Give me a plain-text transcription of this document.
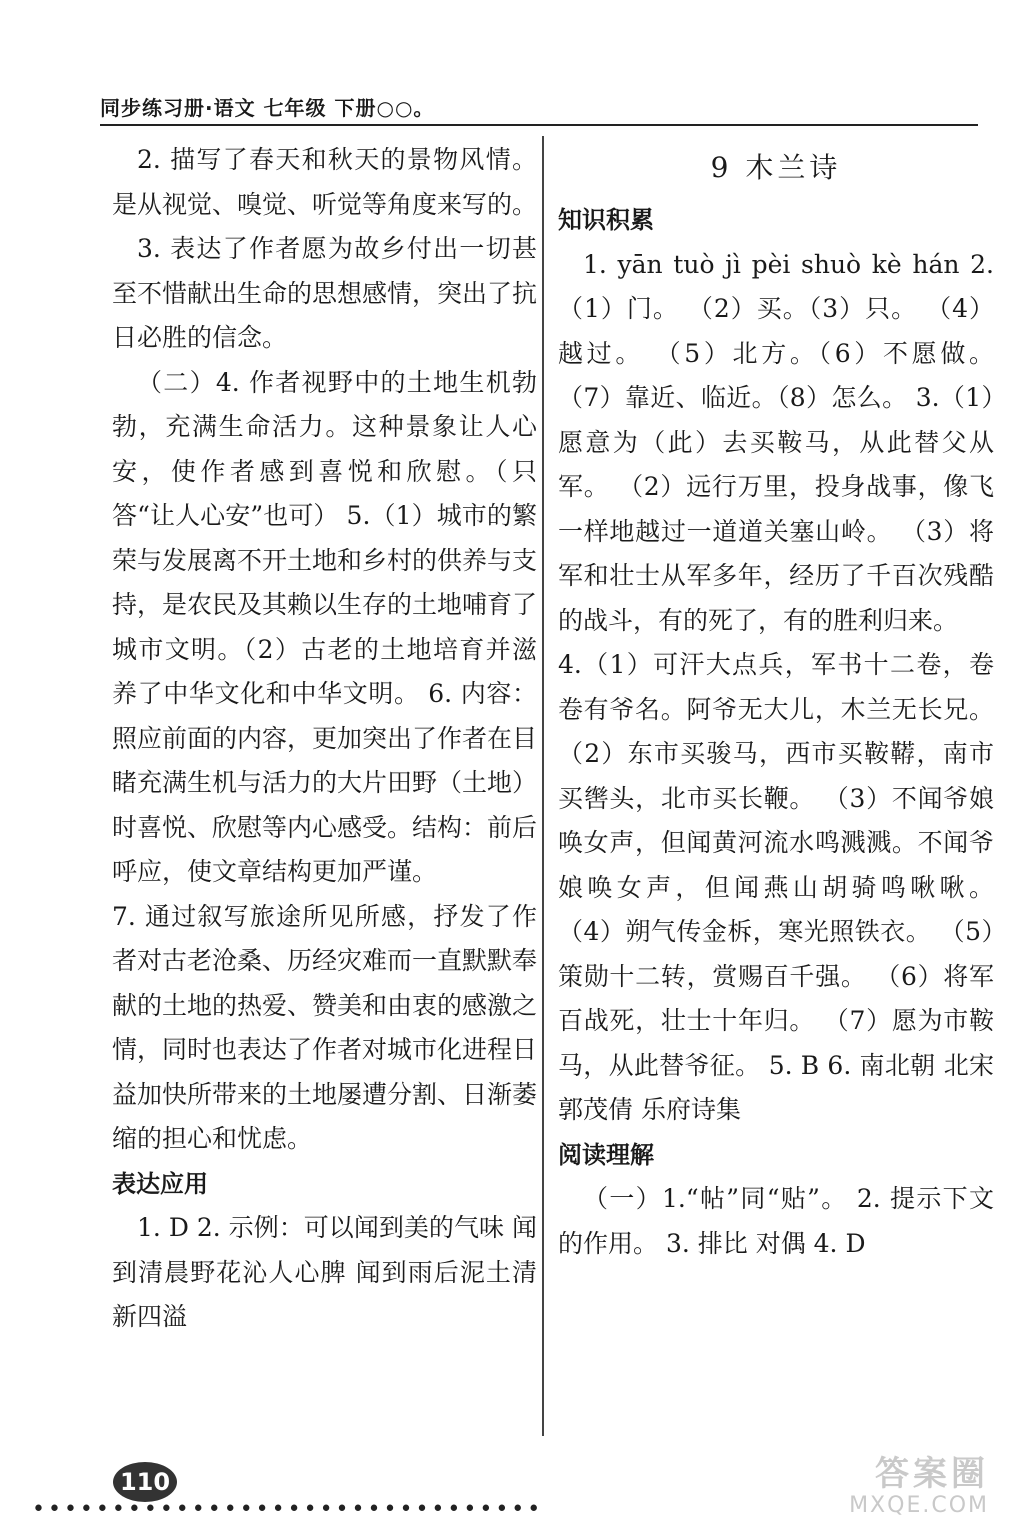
同步练习册·语文 七年级 下册○○。

2. 描写了春天和秋天的景物风情。是从视觉、嗅觉、听觉等角度来写的。

3. 表达了作者愿为故乡付出一切甚至不惜献出生命的思想感情，突出了抗日必胜的信念。

（二）4. 作者视野中的土地生机勃勃，充满生命活力。这种景象让人心安，使作者感到喜悦和欣慰。（只答“让人心安”也可） 5.（1）城市的繁荣与发展离不开土地和乡村的供养与支持，是农民及其赖以生存的土地哺育了城市文明。（2）古老的土地培育并滋养了中华文化和中华文明。 6. 内容：照应前面的内容，更加突出了作者在目睹充满生机与活力的大片田野（土地）时喜悦、欣慰等内心感受。结构：前后呼应，使文章结构更加严谨。

7. 通过叙写旅途所见所感，抒发了作者对古老沧桑、历经灾难而一直默默奉献的土地的热爱、赞美和由衷的感激之情，同时也表达了作者对城市化进程日益加快所带来的土地屡遭分割、日渐萎缩的担心和忧虑。

表达应用

1. D 2. 示例：可以闻到美的气味 闻到清晨野花沁人心脾 闻到雨后泥土清新四溢

9 木兰诗

知识积累

1. yān tuò jì pèi shuò kè hán 2.（1）门。 （2）买。（3）只。 （4）越过。 （5）北方。（6）不愿做。 （7）靠近、临近。（8）怎么。 3.（1）愿意为（此）去买鞍马，从此替父从军。 （2）远行万里，投身战事，像飞一样地越过一道道关塞山岭。 （3）将军和壮士从军多年，经历了千百次残酷的战斗，有的死了，有的胜利归来。

4.（1）可汗大点兵，军书十二卷，卷卷有爷名。阿爷无大儿，木兰无长兄。（2）东市买骏马，西市买鞍鞯，南市买辔头，北市买长鞭。 （3）不闻爷娘唤女声，但闻黄河流水鸣溅溅。不闻爷娘唤女声，但闻燕山胡骑鸣啾啾。 （4）朔气传金柝，寒光照铁衣。 （5）策勋十二转，赏赐百千强。 （6）将军百战死，壮士十年归。 （7）愿为市鞍马，从此替爷征。 5. B 6. 南北朝 北宋 郭茂倩 乐府诗集

阅读理解

（一）1.“帖”同“贴”。 2. 提示下文的作用。 3. 排比 对偶 4. D

110
••••••••••••••••••••••••••••••••
答案圈
MXQE.COM
